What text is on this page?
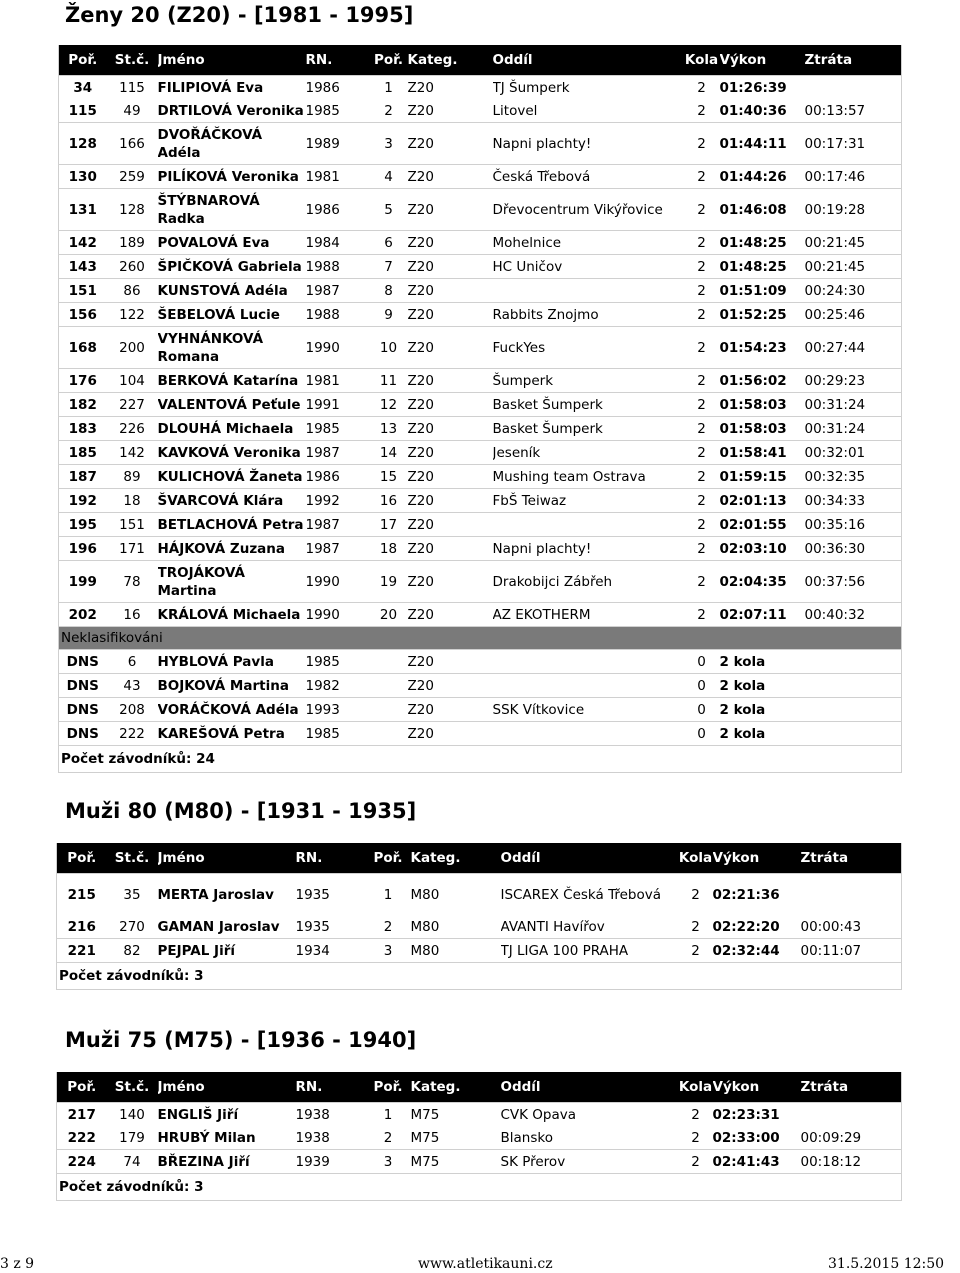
Ženy 20 (Z20) - [1981 - 1995]
Poř.	St.č.	Jméno	RN.	Poř.	Kateg.	Oddíl	Kola	Výkon	Ztráta
34	115	FILIPIOVÁ Eva	1986	1	Z20	TJ Šumperk	2	01:26:39	
115	49	DRTILOVÁ Veronika	1985	2	Z20	Litovel	2	01:40:36	00:13:57
128	166	DVOŘÁČKOVÁ Adéla	1989	3	Z20	Napni plachty!	2	01:44:11	00:17:31
130	259	PILÍKOVÁ Veronika	1981	4	Z20	Česká Třebová	2	01:44:26	00:17:46
131	128	ŠTÝBNAROVÁ Radka	1986	5	Z20	Dřevocentrum Vikýřovice	2	01:46:08	00:19:28
142	189	POVALOVÁ Eva	1984	6	Z20	Mohelnice	2	01:48:25	00:21:45
143	260	ŠPIČKOVÁ Gabriela	1988	7	Z20	HC Uničov	2	01:48:25	00:21:45
151	86	KUNSTOVÁ Adéla	1987	8	Z20		2	01:51:09	00:24:30
156	122	ŠEBELOVÁ Lucie	1988	9	Z20	Rabbits Znojmo	2	01:52:25	00:25:46
168	200	VYHNÁNKOVÁ Romana	1990	10	Z20	FuckYes	2	01:54:23	00:27:44
176	104	BERKOVÁ Katarína	1981	11	Z20	Šumperk	2	01:56:02	00:29:23
182	227	VALENTOVÁ Peťule	1991	12	Z20	Basket Šumperk	2	01:58:03	00:31:24
183	226	DLOUHÁ Michaela	1985	13	Z20	Basket Šumperk	2	01:58:03	00:31:24
185	142	KAVKOVÁ Veronika	1987	14	Z20	Jeseník	2	01:58:41	00:32:01
187	89	KULICHOVÁ Žaneta	1986	15	Z20	Mushing team Ostrava	2	01:59:15	00:32:35
192	18	ŠVARCOVÁ Klára	1992	16	Z20	FbŠ Teiwaz	2	02:01:13	00:34:33
195	151	BETLACHOVÁ Petra	1987	17	Z20		2	02:01:55	00:35:16
196	171	HÁJKOVÁ Zuzana	1987	18	Z20	Napni plachty!	2	02:03:10	00:36:30
199	78	TROJÁKOVÁ Martina	1990	19	Z20	Drakobijci Zábřeh	2	02:04:35	00:37:56
202	16	KRÁLOVÁ Michaela	1990	20	Z20	AZ EKOTHERM	2	02:07:11	00:40:32
Neklasifikováni									
DNS	6	HYBLOVÁ Pavla	1985		Z20		0	2 kola	
DNS	43	BOJKOVÁ Martina	1982		Z20		0	2 kola	
DNS	208	VORÁČKOVÁ Adéla	1993		Z20	SSK Vítkovice	0	2 kola	
DNS	222	KAREŠOVÁ Petra	1985		Z20		0	2 kola	
Počet závodníků: 24									
Muži 80 (M80) - [1931 - 1935]
Poř.	St.č.	Jméno	RN.	Poř.	Kateg.	Oddíl	Kola	Výkon	Ztráta
215	35	MERTA Jaroslav	1935	1	M80	ISCAREX Česká Třebová	2	02:21:36	
216	270	GAMAN Jaroslav	1935	2	M80	AVANTI Havířov	2	02:22:20	00:00:43
221	82	PEJPAL Jiří	1934	3	M80	TJ LIGA 100 PRAHA	2	02:32:44	00:11:07
Počet závodníků: 3									
Muži 75 (M75) - [1936 - 1940]
Poř.	St.č.	Jméno	RN.	Poř.	Kateg.	Oddíl	Kola	Výkon	Ztráta
217	140	ENGLIŠ Jiří	1938	1	M75	CVK Opava	2	02:23:31	
222	179	HRUBÝ Milan	1938	2	M75	Blansko	2	02:33:00	00:09:29
224	74	BŘEZINA Jiří	1939	3	M75	SK Přerov	2	02:41:43	00:18:12
Počet závodníků: 3									
3 z 9	www.atletikauni.cz	31.5.2015 12:50
